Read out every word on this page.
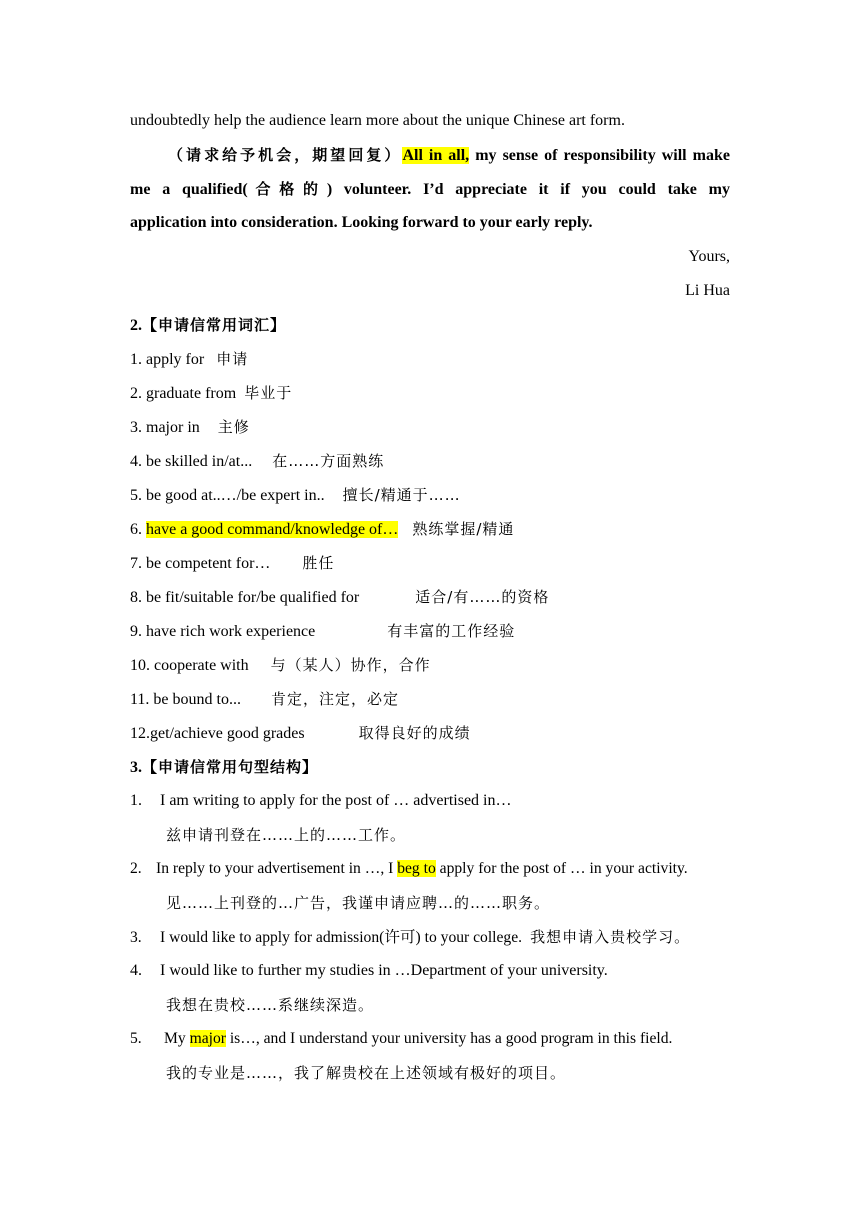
undoubtedly help the audience learn more about the unique Chinese art form.
（请求给予机会，期望回复）All in all, my sense of responsibility will make
me a qualified(合格的) volunteer. I’d appreciate it if you could take my
application into consideration. Looking forward to your early reply.
Yours,
Li Hua
2.【申请信常用词汇】
1. apply for 申请
2. graduate from 毕业于
3. major in 主修
4. be skilled in/at... 在……方面熟练
5. be good at..…/be expert in.. 擅长/精通于……
6. have a good command/knowledge of… 熟练掌握/精通
7. be competent for… 胜任
8. be fit/suitable for/be qualified for	适合/有……的资格
9. have rich work experience	有丰富的工作经验
10. cooperate with 与（某人）协作，合作
11. be bound to... 肯定，注定，必定
12.get/achieve good grades	取得良好的成绩
3.【申请信常用句型结构】
1. I am writing to apply for the post of … advertised in…
兹申请刊登在……上的……工作。
2. In reply to your advertisement in …, I beg to apply for the post of … in your activity.
见……上刊登的…广告，我谨申请应聘…的……职务。
3. I would like to apply for admission(许可) to your college. 我想申请入贵校学习。
4. I would like to further my studies in …Department of your university.
我想在贵校……系继续深造。
5. My major is…, and I understand your university has a good program in this field.
我的专业是……，我了解贵校在上述领域有极好的项目。
